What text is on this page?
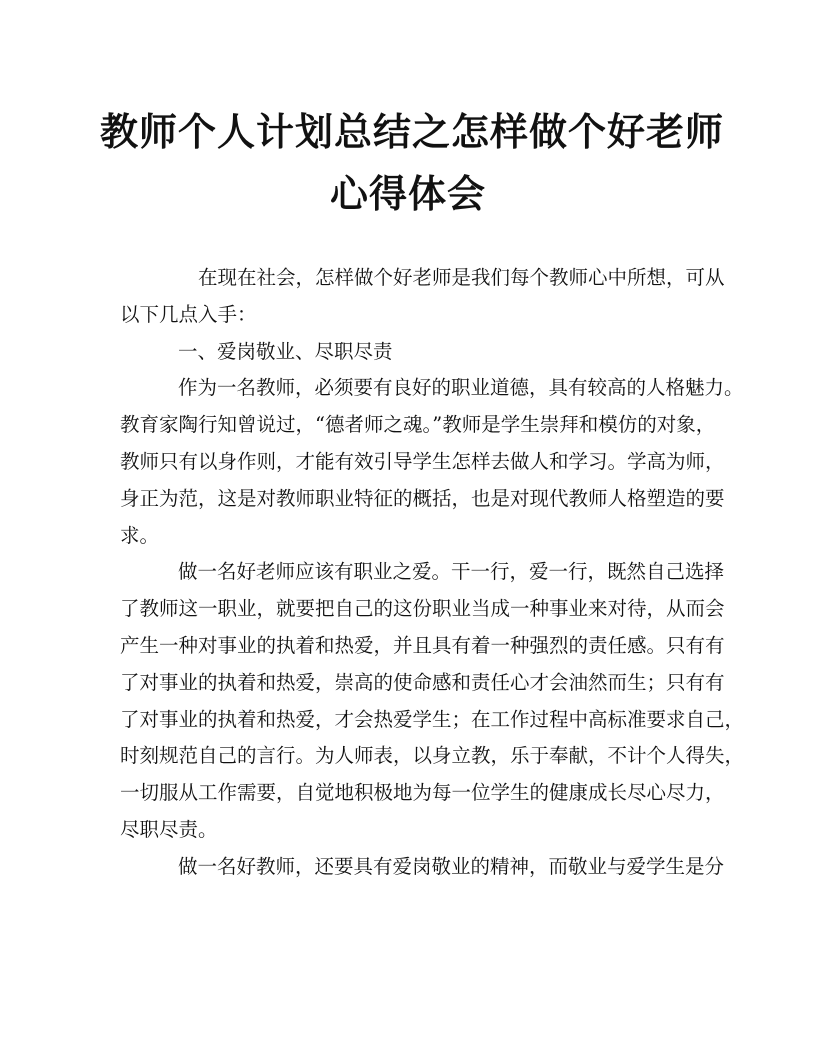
教师个人计划总结之怎样做个好老师
心得体会
在现在社会，怎样做个好老师是我们每个教师心中所想，可从
以下几点入手：
一、爱岗敬业、尽职尽责
作为一名教师，必须要有良好的职业道德，具有较高的人格魅力。
教育家陶行知曾说过，“德者师之魂。”教师是学生崇拜和模仿的对象，
教师只有以身作则，才能有效引导学生怎样去做人和学习。学高为师，
身正为范，这是对教师职业特征的概括，也是对现代教师人格塑造的要
求。
做一名好老师应该有职业之爱。干一行，爱一行，既然自己选择
了教师这一职业，就要把自己的这份职业当成一种事业来对待，从而会
产生一种对事业的执着和热爱，并且具有着一种强烈的责任感。只有有
了对事业的执着和热爱，崇高的使命感和责任心才会油然而生；只有有
了对事业的执着和热爱，才会热爱学生；在工作过程中高标准要求自己，
时刻规范自己的言行。为人师表，以身立教，乐于奉献，不计个人得失，
一切服从工作需要，自觉地积极地为每一位学生的健康成长尽心尽力，
尽职尽责。
做一名好教师，还要具有爱岗敬业的精神，而敬业与爱学生是分
